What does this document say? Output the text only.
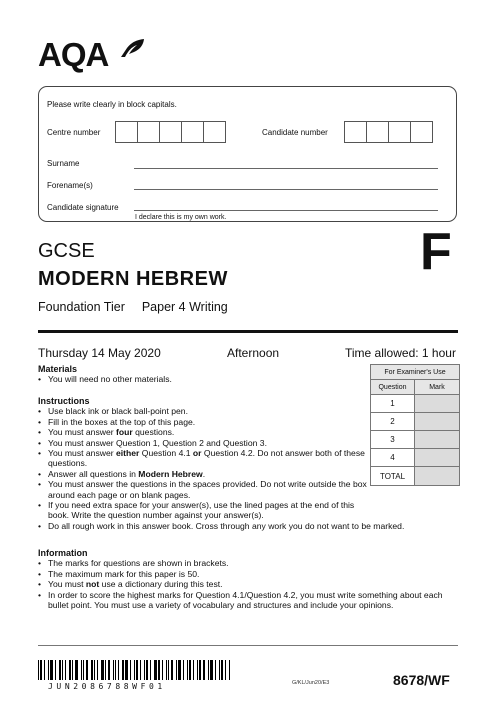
AQA
Please write clearly in block capitals.
Centre number	Candidate number
Surname
Forename(s)
Candidate signature
I declare this is my own work.
GCSE
MODERN HEBREW
Foundation Tier Paper 4 Writing
F
Thursday 14 May 2020	Afternoon	Time allowed: 1 hour
Materials
• You will need no other materials.
Instructions
• Use black ink or black ball-point pen.
• Fill in the boxes at the top of this page.
• You must answer four questions.
• You must answer Question 1, Question 2 and Question 3.
• You must answer either Question 4.1 or Question 4.2. Do not answer both of these questions.
• Answer all questions in Modern Hebrew.
• You must answer the questions in the spaces provided. Do not write outside the box around each page or on blank pages.
• If you need extra space for your answer(s), use the lined pages at the end of this book. Write the question number against your answer(s).
• Do all rough work in this answer book. Cross through any work you do not want to be marked.
Information
• The marks for questions are shown in brackets.
• The maximum mark for this paper is 50.
• You must not use a dictionary during this test.
• In order to score the highest marks for Question 4.1/Question 4.2, you must write something about each bullet point. You must use a variety of vocabulary and structures and include your opinions.
For Examiner's Use	
Question	Mark
1	
2	
3	
4	
TOTAL	
JUN2086788WF01	G/KL/Jun20/E3	8678/WF
